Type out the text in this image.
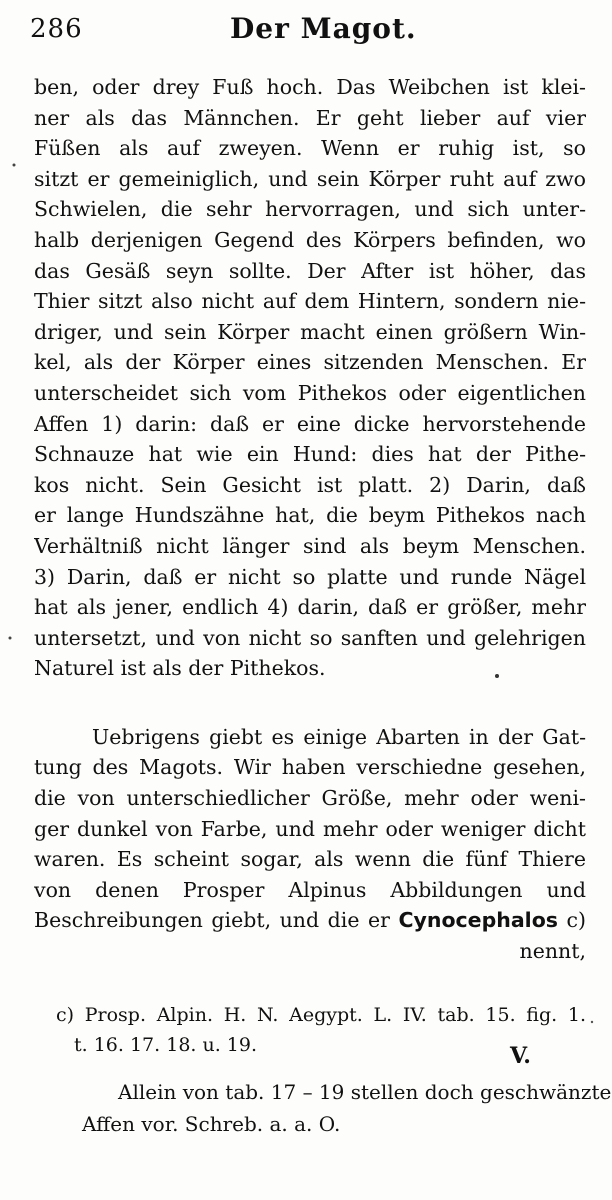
286	Der Magot.
ben, oder drey Fuß hoch. Das Weibchen ist klei-
ner als das Männchen. Er geht lieber auf vier
Füßen als auf zweyen. Wenn er ruhig ist, so
sitzt er gemeiniglich, und sein Körper ruht auf zwo
Schwielen, die sehr hervorragen, und sich unter-
halb derjenigen Gegend des Körpers befinden, wo
das Gesäß seyn sollte. Der After ist höher, das
Thier sitzt also nicht auf dem Hintern, sondern nie-
driger, und sein Körper macht einen größern Win-
kel, als der Körper eines sitzenden Menschen. Er
unterscheidet sich vom Pithekos oder eigentlichen
Affen 1) darin: daß er eine dicke hervorstehende
Schnauze hat wie ein Hund: dies hat der Pithe-
kos nicht. Sein Gesicht ist platt. 2) Darin, daß
er lange Hundszähne hat, die beym Pithekos nach
Verhältniß nicht länger sind als beym Menschen.
3) Darin, daß er nicht so platte und runde Nägel
hat als jener, endlich 4) darin, daß er größer, mehr
untersetzt, und von nicht so sanften und gelehrigen
Naturel ist als der Pithekos.
Uebrigens giebt es einige Abarten in der Gat-
tung des Magots. Wir haben verschiedne gesehen,
die von unterschiedlicher Größe, mehr oder weni-
ger dunkel von Farbe, und mehr oder weniger dicht
waren. Es scheint sogar, als wenn die fünf Thiere
von denen Prosper Alpinus Abbildungen und
Beschreibungen giebt, und die er Cynocephalos c)
nennt,
c) Prosp. Alpin. H. N. Aegypt. L. IV. tab. 15. fig. 1.
t. 16. 17. 18. u. 19.	V.
Allein von tab. 17 – 19 stellen doch geschwänzte
Affen vor. Schreb. a. a. O.
